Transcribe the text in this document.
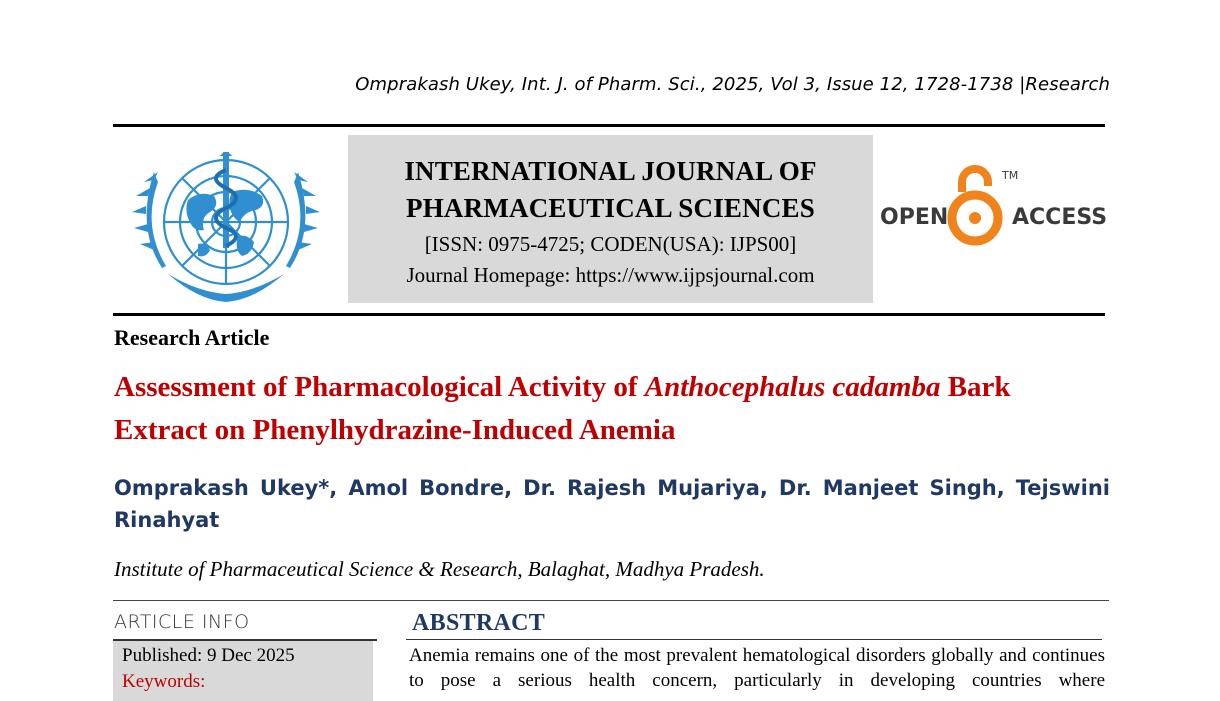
Omprakash Ukey, Int. J. of Pharm. Sci., 2025, Vol 3, Issue 12, 1728-1738 |Research
INTERNATIONAL JOURNAL OF
PHARMACEUTICAL SCIENCES
[ISSN: 0975-4725; CODEN(USA): IJPS00]
Journal Homepage: https://www.ijpsjournal.com
OPEN
TM
ACCESS
Research Article
Assessment of Pharmacological Activity of Anthocephalus cadamba Bark Extract on Phenylhydrazine-Induced Anemia
Omprakash Ukey*, Amol Bondre, Dr. Rajesh Mujariya, Dr. Manjeet Singh, Tejswini Rinahyat
Institute of Pharmaceutical Science & Research, Balaghat, Madhya Pradesh.
ARTICLE INFO
Published: 9 Dec 2025
Keywords:
ABSTRACT
Anemia remains one of the most prevalent hematological disorders globally and continues to pose a serious health concern, particularly in developing countries where
